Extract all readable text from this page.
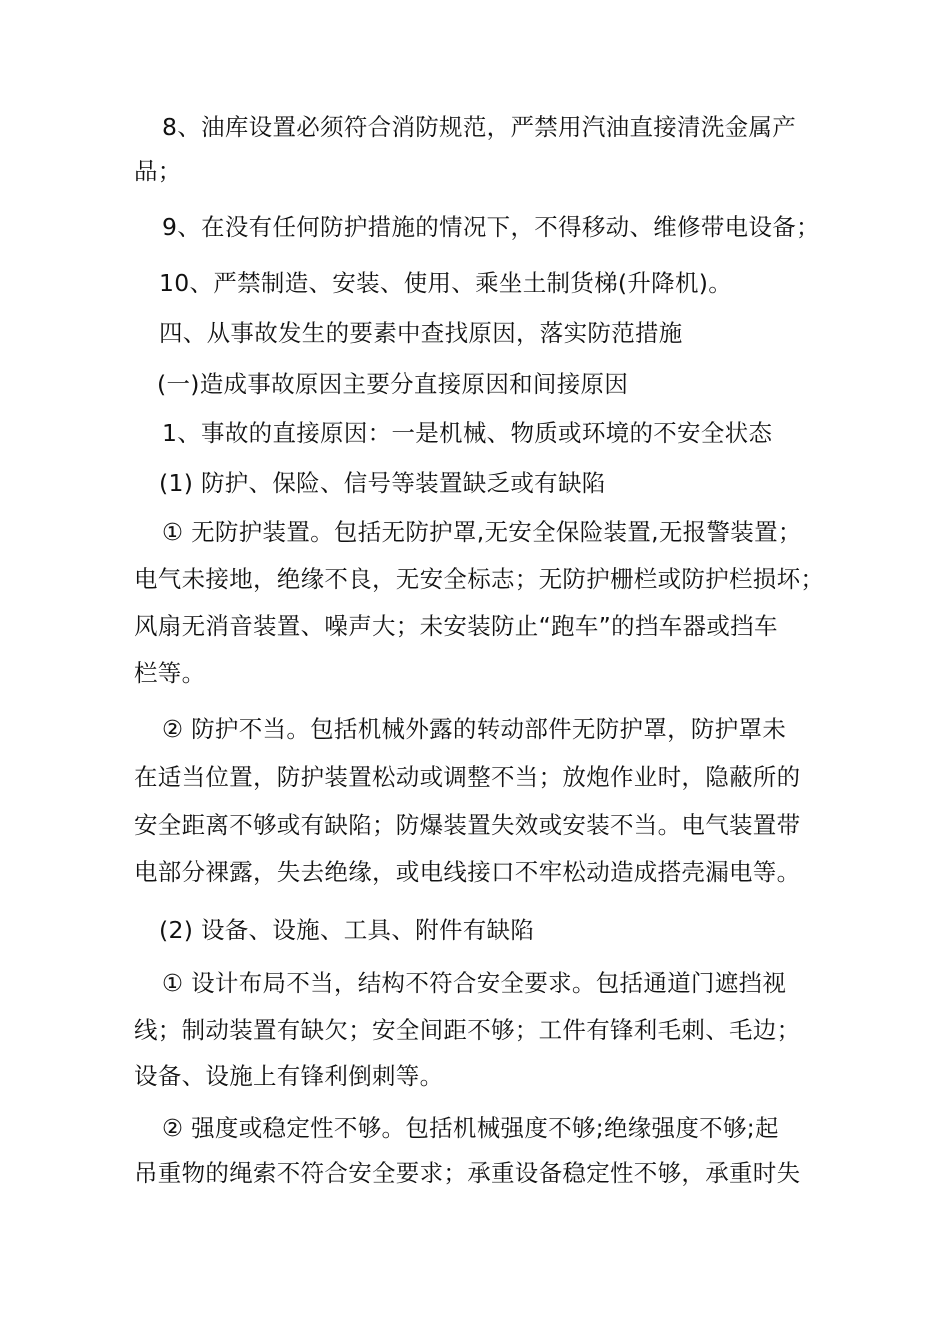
8、油库设置必须符合消防规范，严禁用汽油直接清洗金属产
品；
9、在没有任何防护措施的情况下，不得移动、维修带电设备；
10、严禁制造、安装、使用、乘坐土制货梯(升降机)。
四、从事故发生的要素中查找原因，落实防范措施
(一)造成事故原因主要分直接原因和间接原因
1、事故的直接原因：一是机械、物质或环境的不安全状态
(1) 防护、保险、信号等装置缺乏或有缺陷
① 无防护装置。包括无防护罩,无安全保险装置,无报警装置；
电气未接地，绝缘不良，无安全标志；无防护栅栏或防护栏损坏；
风扇无消音装置、噪声大；未安装防止“跑车”的挡车器或挡车
栏等。
② 防护不当。包括机械外露的转动部件无防护罩，防护罩未
在适当位置，防护装置松动或调整不当；放炮作业时，隐蔽所的
安全距离不够或有缺陷；防爆装置失效或安装不当。电气装置带
电部分裸露，失去绝缘，或电线接口不牢松动造成搭壳漏电等。
(2) 设备、设施、工具、附件有缺陷
① 设计布局不当，结构不符合安全要求。包括通道门遮挡视
线；制动装置有缺欠；安全间距不够；工件有锋利毛刺、毛边；
设备、设施上有锋利倒刺等。
② 强度或稳定性不够。包括机械强度不够;绝缘强度不够;起
吊重物的绳索不符合安全要求；承重设备稳定性不够，承重时失
